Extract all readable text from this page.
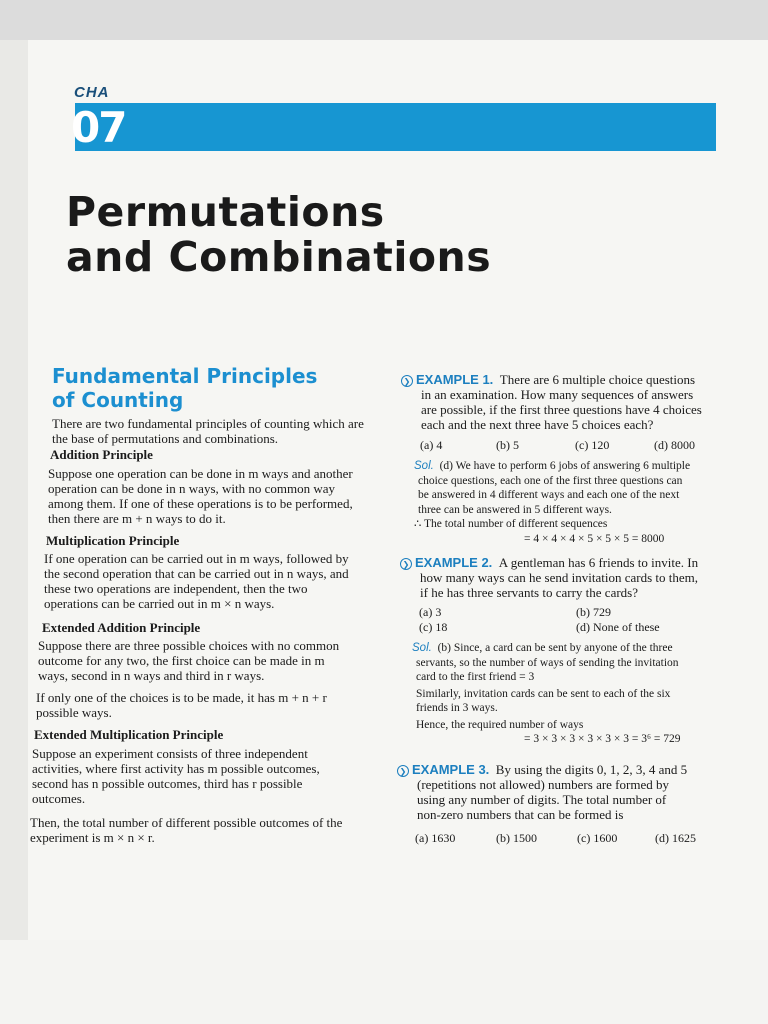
CHA
07
Permutations
and Combinations
Fundamental Principles
of Counting
There are two fundamental principles of counting which are
the base of permutations and combinations.
Addition Principle
Suppose one operation can be done in m ways and another
operation can be done in n ways, with no common way
among them. If one of these operations is to be performed,
then there are m + n ways to do it.
Multiplication Principle
If one operation can be carried out in m ways, followed by
the second operation that can be carried out in n ways, and
these two operations are independent, then the two
operations can be carried out in m × n ways.
Extended Addition Principle
Suppose there are three possible choices with no common
outcome for any two, the first choice can be made in m
ways, second in n ways and third in r ways.
If only one of the choices is to be made, it has m + n + r
possible ways.
Extended Multiplication Principle
Suppose an experiment consists of three independent
activities, where first activity has m possible outcomes,
second has n possible outcomes, third has r possible
outcomes.
Then, the total number of different possible outcomes of the
experiment is m × n × r.
❯ EXAMPLE 1. There are 6 multiple choice questions
in an examination. How many sequences of answers
are possible, if the first three questions have 4 choices
each and the next three have 5 choices each?
(a) 4	(b) 5	(c) 120	(d) 8000
Sol. (d) We have to perform 6 jobs of answering 6 multiple
choice questions, each one of the first three questions can
be answered in 4 different ways and each one of the next
three can be answered in 5 different ways.
∴ The total number of different sequences
= 4 × 4 × 4 × 5 × 5 × 5 = 8000
❯ EXAMPLE 2. A gentleman has 6 friends to invite. In
how many ways can he send invitation cards to them,
if he has three servants to carry the cards?
(a) 3	(b) 729
(c) 18	(d) None of these
Sol. (b) Since, a card can be sent by anyone of the three
servants, so the number of ways of sending the invitation
card to the first friend = 3
Similarly, invitation cards can be sent to each of the six
friends in 3 ways.
Hence, the required number of ways
= 3 × 3 × 3 × 3 × 3 × 3 = 3⁶ = 729
❯ EXAMPLE 3. By using the digits 0, 1, 2, 3, 4 and 5
(repetitions not allowed) numbers are formed by
using any number of digits. The total number of
non-zero numbers that can be formed is
(a) 1630	(b) 1500	(c) 1600	(d) 1625
